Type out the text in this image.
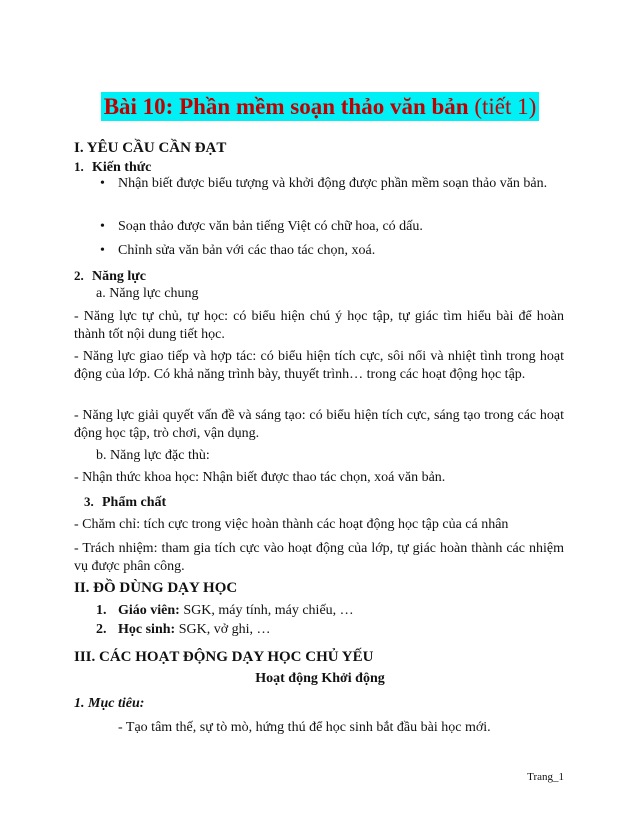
Bài 10: Phần mềm soạn thảo văn bản (tiết 1)
I. YÊU CẦU CẦN ĐẠT
1. Kiến thức
• Nhận biết được biểu tượng và khởi động được phần mềm soạn thảo văn bản.
• Soạn thảo được văn bản tiếng Việt có chữ hoa, có dấu.
• Chỉnh sửa văn bản với các thao tác chọn, xoá.
2. Năng lực
a. Năng lực chung
- Năng lực tự chủ, tự học: có biểu hiện chú ý học tập, tự giác tìm hiểu bài để hoàn thành tốt nội dung tiết học.
- Năng lực giao tiếp và hợp tác: có biểu hiện tích cực, sôi nổi và nhiệt tình trong hoạt động của lớp. Có khả năng trình bày, thuyết trình… trong các hoạt động học tập.
- Năng lực giải quyết vấn đề và sáng tạo: có biểu hiện tích cực, sáng tạo trong các hoạt động học tập, trò chơi, vận dụng.
b. Năng lực đặc thù:
- Nhận thức khoa học: Nhận biết được thao tác chọn, xoá văn bản.
3. Phẩm chất
- Chăm chỉ: tích cực trong việc hoàn thành các hoạt động học tập của cá nhân
- Trách nhiệm: tham gia tích cực vào hoạt động của lớp, tự giác hoàn thành các nhiệm vụ được phân công.
II. ĐỒ DÙNG DẠY HỌC
1. Giáo viên: SGK, máy tính, máy chiếu, …
2. Học sinh: SGK, vở ghi, …
III. CÁC HOẠT ĐỘNG DẠY HỌC CHỦ YẾU
Hoạt động Khởi động
1. Mục tiêu:
- Tạo tâm thế, sự tò mò, hứng thú để học sinh bắt đầu bài học mới.
Trang_1
